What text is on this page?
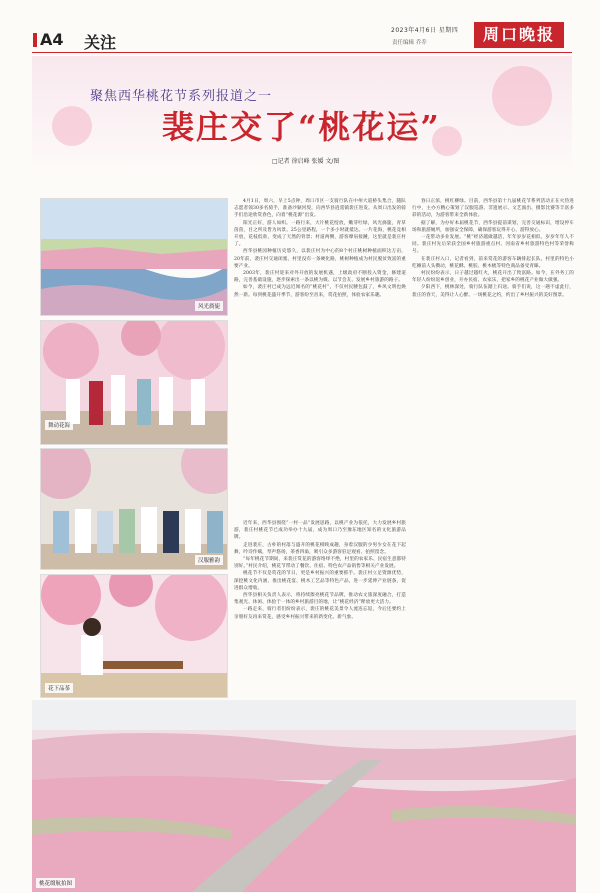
A4 关注
2023年4月6日 星期四
责任编辑 乔乔	周口晚报
聚焦西华桃花节系列报道之一
裴庄交了“桃花运”
□记者 徐启峰 张媛 文/图
风光旖旎
舞动花海
汉服雅韵
花下品茶
桃花缀航拍图

4月1日，周六，早上5点钟，周口市区一支骑行队在中州大道桥头集合，随队志愿者领30多名骑手，准备沙颍河堤，向西华县逍遥镇裴庄进发。从周口出发的骑手们沿途欣赏春色，向着“桃花源”出发。

阳光正好，游人如织。一路行来，大片桃花绽放，嫩芽吐绿，风光旖旎，青草茵茵，目之所及皆为风景。25公里路程，一个多小时就抵达。一片花海，桃花竞相开放，花枝低垂，变成了天然的背景；村道两侧，游客摩肩接踵，这里就是裴庄村了。

西华县桃园种植历史悠久，以裴庄村为中心的8个村庄桃树种植面积达万亩，20年前，裴庄村交通闭塞，村里没有一条硬化路，桃树种植成为村民脱贫致富的重要产业。

2003年，裴庄村迎来对外开放的发展机遇，上级政府不断投入资金，修建道路，完善基础设施，逐步探索出一条以桃为媒、以节会友、发展乡村旅游的路子。

如今，裴庄村已成为远近闻名的“桃花村”，不仅村民腰包鼓了，乡风文明也焕然一新。每到桃花盛开季节，游客纷至沓来，赏花拍照，体验农家乐趣。

近年来，西华县围绕“一村一品”发展思路，以桃产业为依托，大力发展乡村旅游，裴庄村桃花节已成功举办十九届，成为周口乃至豫东地区知名的文化旅游品牌。

走进裴庄，古朴的村落与盛开的桃花相映成趣，身着汉服的少男少女在花下起舞，吟诗作赋，琴声悠扬，茶香四溢，吸引众多游客驻足观看、拍照留念。

“每年桃花节期间，来裴庄赏花的游客络绎不绝，村里的农家乐、民宿生意都特别好。”村民介绍，桃花节带动了餐饮、住宿、特色农产品销售等相关产业发展。

桃花节不仅是赏花的节日，更是乡村振兴的重要抓手。裴庄村立足资源优势，深挖桃文化内涵，推出桃花宴、桃木工艺品等特色产品，进一步延伸产业链条，促进群众增收。

西华县相关负责人表示，将持续擦亮桃花节品牌，推动农文旅深度融合，打造集观光、休闲、体验于一体的乡村旅游目的地，让“桃花经济”释放更大活力。

一路走来，骑行者们纷纷表示，裴庄的桃花美景令人流连忘返，今后还要约上亲朋好友再来赏花，感受乡村振兴带来的新变化、新气象。

春日正浓，桃红柳绿。目前，西华县第十九届桃花节系列活动正在火热进行中，主办方精心策划了汉服巡游、非遗展示、文艺演出、摄影比赛等丰富多彩的活动，为游客带来全新体验。

据了解，为办好本届桃花节，西华县提前谋划，完善交通标识，增设停车场和旅游厕所，加强安全保障，确保游客玩得开心、游得放心。

一花带动多业发展。“桃”经济越做越活，年年岁岁花相似，岁岁年年人不同。裴庄村先后荣获全国乡村旅游重点村、河南省乡村旅游特色村等荣誉称号。

在裴庄村入口，记者看到，前来赏花的游客车辆排起长队，村里的特色小吃摊前人头攒动，桃花酥、桃胶、桃木梳等特色商品备受青睐。

村民纷纷表示，日子越过越红火，桃花开出了致富路。如今，在外务工的年轻人纷纷返乡创业，开办民宿、农家乐，把家乡的桃花产业做大做强。

夕阳西下，桃林深处，骑行队伍踏上归途。骑手们说，这一趟不虚此行，裴庄的春天，美得让人心醉。一场桃花之约，约出了乡村振兴的美好图景。
